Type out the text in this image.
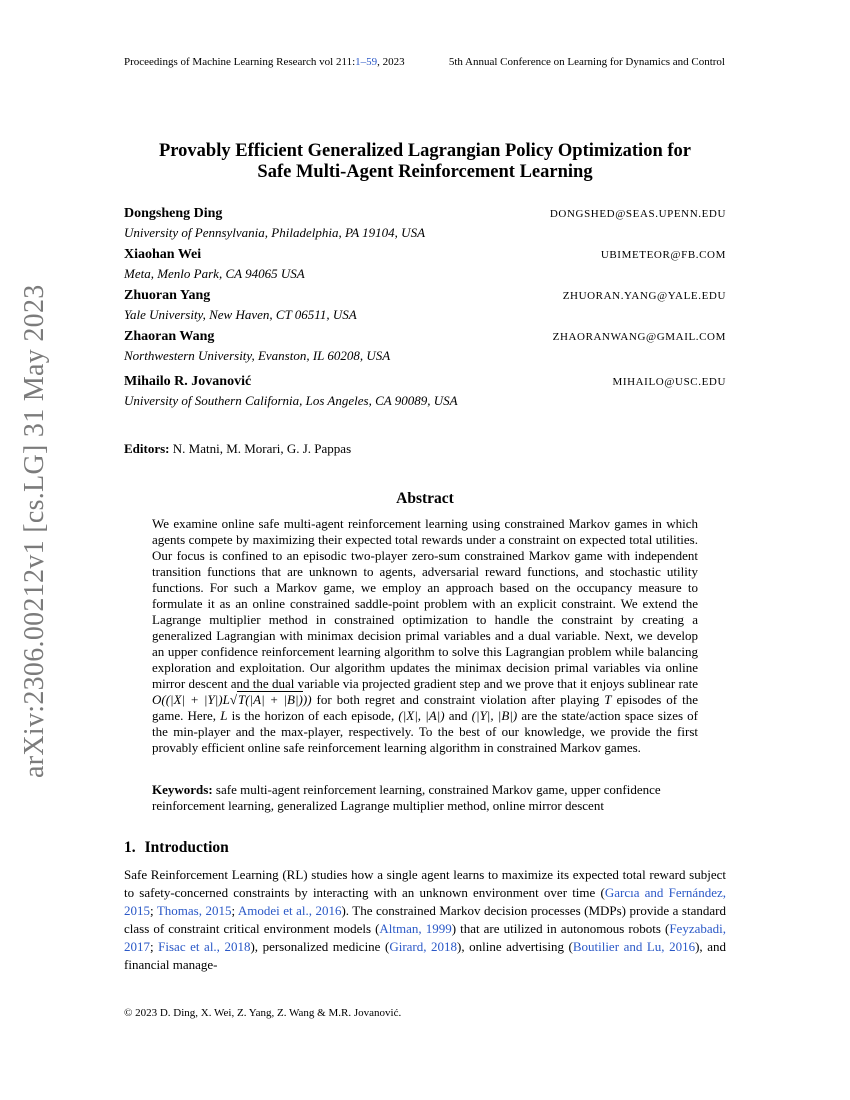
Proceedings of Machine Learning Research vol 211:1–59, 2023	5th Annual Conference on Learning for Dynamics and Control
arXiv:2306.00212v1 [cs.LG] 31 May 2023
Provably Efficient Generalized Lagrangian Policy Optimization for
Safe Multi-Agent Reinforcement Learning
Dongsheng Ding
University of Pennsylvania, Philadelphia, PA 19104, USA
DONGSHED@SEAS.UPENN.EDU
Xiaohan Wei
Meta, Menlo Park, CA 94065 USA
UBIMETEOR@FB.COM
Zhuoran Yang
Yale University, New Haven, CT 06511, USA
ZHUORAN.YANG@YALE.EDU
Zhaoran Wang
Northwestern University, Evanston, IL 60208, USA
ZHAORANWANG@GMAIL.COM
Mihailo R. Jovanović
University of Southern California, Los Angeles, CA 90089, USA
MIHAILO@USC.EDU
Editors: N. Matni, M. Morari, G. J. Pappas
Abstract
We examine online safe multi-agent reinforcement learning using constrained Markov games in which agents compete by maximizing their expected total rewards under a constraint on expected total utilities. Our focus is confined to an episodic two-player zero-sum constrained Markov game with independent transition functions that are unknown to agents, adversarial reward functions, and stochastic utility functions. For such a Markov game, we employ an approach based on the occupancy measure to formulate it as an online constrained saddle-point problem with an explicit constraint. We extend the Lagrange multiplier method in constrained optimization to handle the constraint by creating a generalized Lagrangian with minimax decision primal variables and a dual variable. Next, we develop an upper confidence reinforcement learning algorithm to solve this Lagrangian problem while balancing exploration and exploitation. Our algorithm updates the minimax decision primal variables via online mirror descent and the dual variable via projected gradient step and we prove that it enjoys sublinear rate O((|X| + |Y|)L√T(|A| + |B|))) for both regret and constraint violation after playing T episodes of the game. Here, L is the horizon of each episode, (|X|, |A|) and (|Y|, |B|) are the state/action space sizes of the min-player and the max-player, respectively. To the best of our knowledge, we provide the first provably efficient online safe reinforcement learning algorithm in constrained Markov games.
Keywords: safe multi-agent reinforcement learning, constrained Markov game, upper confidence reinforcement learning, generalized Lagrange multiplier method, online mirror descent
1. Introduction
Safe Reinforcement Learning (RL) studies how a single agent learns to maximize its expected total reward subject to safety-concerned constraints by interacting with an unknown environment over time (Garcıa and Fernández, 2015; Thomas, 2015; Amodei et al., 2016). The constrained Markov decision processes (MDPs) provide a standard class of constraint critical environment models (Altman, 1999) that are utilized in autonomous robots (Feyzabadi, 2017; Fisac et al., 2018), personalized medicine (Girard, 2018), online advertising (Boutilier and Lu, 2016), and financial manage-
© 2023 D. Ding, X. Wei, Z. Yang, Z. Wang & M.R. Jovanović.
